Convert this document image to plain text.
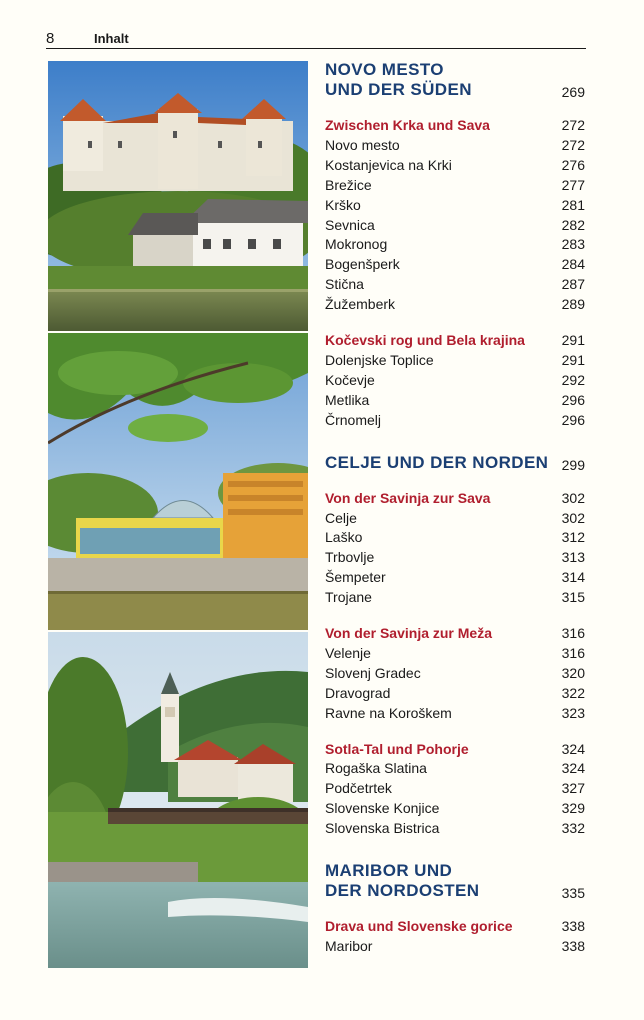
8	Inhalt
NOVO MESTO
UND DER SÜDEN	269
Zwischen Krka und Sava	272
Novo mesto	272
Kostanjevica na Krki	276
Brežice	277
Krško	281
Sevnica	282
Mokronog	283
Bogenšperk	284
Stična	287
Žužemberk	289
Kočevski rog und Bela krajina	291
Dolenjske Toplice	291
Kočevje	292
Metlika	296
Črnomelj	296
CELJE UND DER NORDEN 299
Von der Savinja zur Sava	302
Celje	302
Laško	312
Trbovlje	313
Šempeter	314
Trojane	315
Von der Savinja zur Meža	316
Velenje	316
Slovenj Gradec	320
Dravograd	322
Ravne na Koroškem	323
Sotla-Tal und Pohorje	324
Rogaška Slatina	324
Podčetrtek	327
Slovenske Konjice	329
Slovenska Bistrica	332
MARIBOR UND
DER NORDOSTEN	335
Drava und Slovenske gorice	338
Maribor	338
